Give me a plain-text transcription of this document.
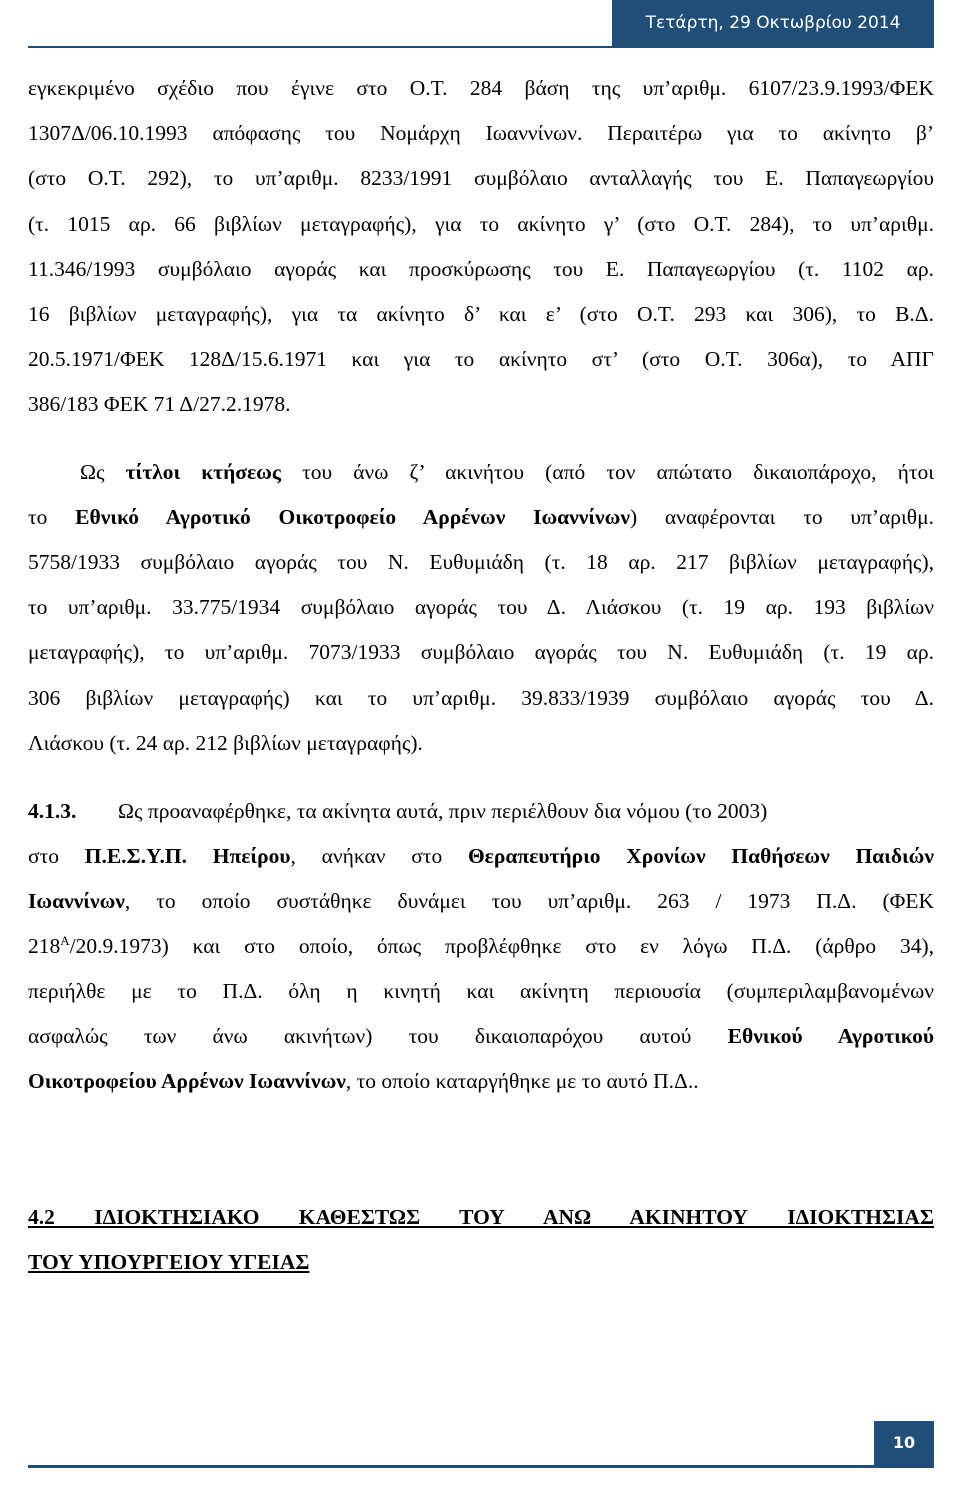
Τετάρτη, 29 Οκτωβρίου 2014
εγκεκριμένο σχέδιο που έγινε στο Ο.Τ. 284 βάση της υπ’αριθμ. 6107/23.9.1993/ΦΕΚ
1307Δ/06.10.1993 απόφασης του Νομάρχη Ιωαννίνων. Περαιτέρω για το ακίνητο β’
(στο Ο.Τ. 292), το υπ’αριθμ. 8233/1991 συμβόλαιο ανταλλαγής του Ε. Παπαγεωργίου
(τ. 1015 αρ. 66 βιβλίων μεταγραφής), για το ακίνητο γ’ (στο Ο.Τ. 284), το υπ’αριθμ.
11.346/1993 συμβόλαιο αγοράς και προσκύρωσης του Ε. Παπαγεωργίου (τ. 1102 αρ.
16 βιβλίων μεταγραφής), για τα ακίνητο δ’ και ε’ (στο Ο.Τ. 293 και 306), το Β.Δ.
20.5.1971/ΦΕΚ 128Δ/15.6.1971 και για το ακίνητο στ’ (στο Ο.Τ. 306α), το ΑΠΓ
386/183 ΦΕΚ 71 Δ/27.2.1978.
Ως τίτλοι κτήσεως του άνω ζ’ ακινήτου (από τον απώτατο δικαιοπάροχο, ήτοι
το Εθνικό Αγροτικό Οικοτροφείο Αρρένων Ιωαννίνων) αναφέρονται το υπ’αριθμ.
5758/1933 συμβόλαιο αγοράς του Ν. Ευθυμιάδη (τ. 18 αρ. 217 βιβλίων μεταγραφής),
το υπ’αριθμ. 33.775/1934 συμβόλαιο αγοράς του Δ. Λιάσκου (τ. 19 αρ. 193 βιβλίων
μεταγραφής), το υπ’αριθμ. 7073/1933 συμβόλαιο αγοράς του Ν. Ευθυμιάδη (τ. 19 αρ.
306 βιβλίων μεταγραφής) και το υπ’αριθμ. 39.833/1939 συμβόλαιο αγοράς του Δ.
Λιάσκου (τ. 24 αρ. 212 βιβλίων μεταγραφής).
4.1.3. Ως προαναφέρθηκε, τα ακίνητα αυτά, πριν περιέλθουν δια νόμου (το 2003)
στο Π.Ε.Σ.Υ.Π. Ηπείρου, ανήκαν στο Θεραπευτήριο Χρονίων Παθήσεων Παιδιών
Ιωαννίνων, το οποίο συστάθηκε δυνάμει του υπ’αριθμ. 263 / 1973 Π.Δ. (ΦΕΚ
$218^A/20.9.1973$) και στο οποίο, όπως προβλέφθηκε στο εν λόγω Π.Δ. (άρθρο 34),
περιήλθε με το Π.Δ. όλη η κινητή και ακίνητη περιουσία (συμπεριλαμβανομένων
ασφαλώς των άνω ακινήτων) του δικαιοπαρόχου αυτού Εθνικού Αγροτικού
Οικοτροφείου Αρρένων Ιωαννίνων, το οποίο καταργήθηκε με το αυτό Π.Δ..
4.2 ΙΔΙΟΚΤΗΣΙΑΚΟ ΚΑΘΕΣΤΩΣ ΤΟΥ ΑΝΩ ΑΚΙΝΗΤΟΥ ΙΔΙΟΚΤΗΣΙΑΣ
ΤΟΥ ΥΠΟΥΡΓΕΙΟΥ ΥΓΕΙΑΣ
10
